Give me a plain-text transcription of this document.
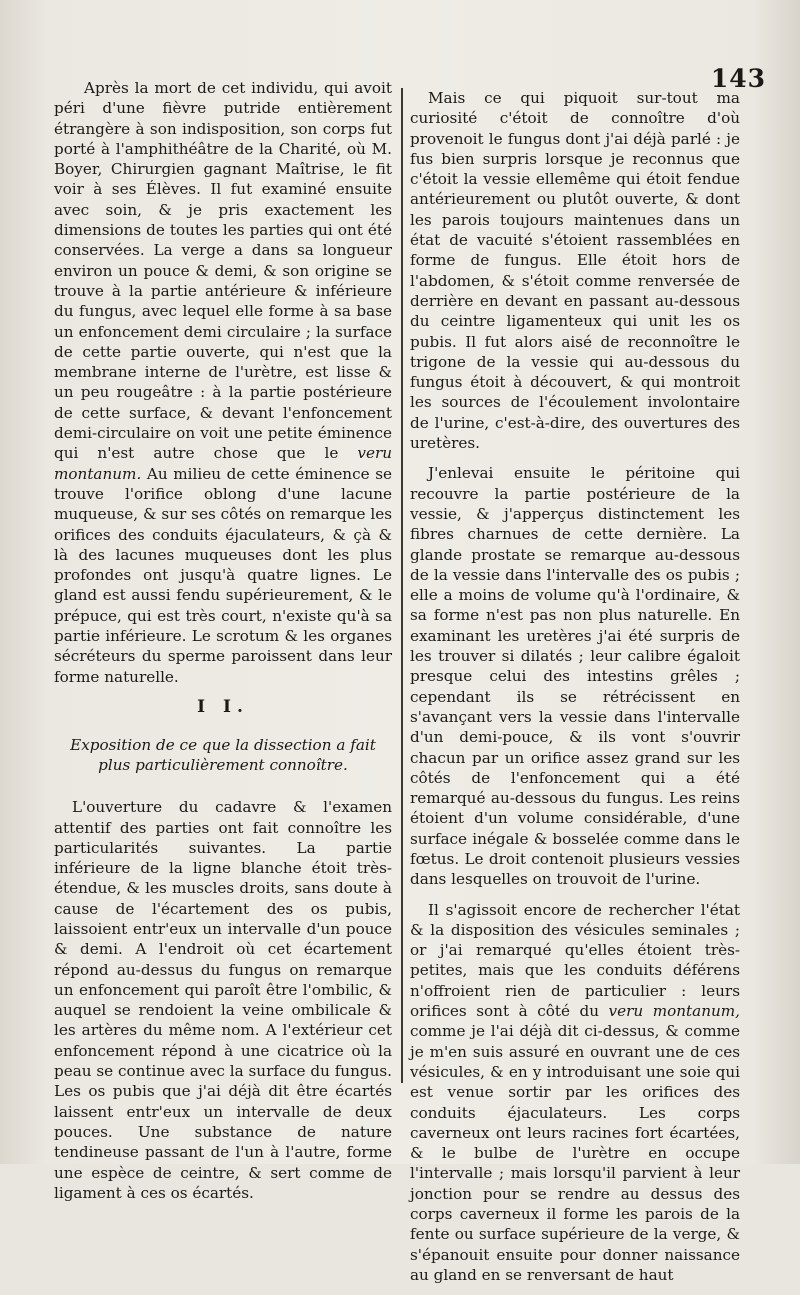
143

Après la mort de cet individu, qui avoit péri d'une fièvre putride entièrement étrangère à son indisposition, son corps fut porté à l'amphithéâtre de la Charité, où M. Boyer, Chirurgien gagnant Maîtrise, le fit voir à ses Élèves. Il fut examiné ensuite avec soin, & je pris exactement les dimensions de toutes les parties qui ont été conservées. La verge a dans sa longueur environ un pouce & demi, & son origine se trouve à la partie antérieure & inférieure du fungus, avec lequel elle forme à sa base un enfoncement demi circulaire ; la surface de cette partie ouverte, qui n'est que la membrane interne de l'urètre, est lisse & un peu rougeâtre : à la partie postérieure de cette surface, & devant l'enfoncement demi-circulaire on voit une petite éminence qui n'est autre chose que le veru montanum. Au milieu de cette éminence se trouve l'orifice oblong d'une lacune muqueuse, & sur ses côtés on remarque les orifices des conduits éjaculateurs, & çà & là des lacunes muqueuses dont les plus profondes ont jusqu'à quatre lignes. Le gland est aussi fendu supérieurement, & le prépuce, qui est très court, n'existe qu'à sa partie inférieure. Le scrotum & les organes sécréteurs du sperme paroissent dans leur forme naturelle.

I I.
Exposition de ce que la dissection a fait plus particulièrement connoître.

L'ouverture du cadavre & l'examen attentif des parties ont fait connoître les particularités suivantes. La partie inférieure de la ligne blanche étoit très-étendue, & les muscles droits, sans doute à cause de l'écartement des os pubis, laissoient entr'eux un intervalle d'un pouce & demi. A l'endroit où cet écartement répond au-dessus du fungus on remarque un enfoncement qui paroît être l'ombilic, & auquel se rendoient la veine ombilicale & les artères du même nom. A l'extérieur cet enfoncement répond à une cicatrice où la peau se continue avec la surface du fungus. Les os pubis que j'ai déjà dit être écartés laissent entr'eux un intervalle de deux pouces. Une substance de nature tendineuse passant de l'un à l'autre, forme une espèce de ceintre, & sert comme de ligament à ces os écartés.

Mais ce qui piquoit sur-tout ma curiosité c'étoit de connoître d'où provenoit le fungus dont j'ai déjà parlé : je fus bien surpris lorsque je reconnus que c'étoit la vessie ellemême qui étoit fendue antérieurement ou plutôt ouverte, & dont les parois toujours maintenues dans un état de vacuité s'étoient rassemblées en forme de fungus. Elle étoit hors de l'abdomen, & s'étoit comme renversée de derrière en devant en passant au-dessous du ceintre ligamenteux qui unit les os pubis. Il fut alors aisé de reconnoître le trigone de la vessie qui au-dessous du fungus étoit à découvert, & qui montroit les sources de l'écoulement involontaire de l'urine, c'est-à-dire, des ouvertures des uretères.

J'enlevai ensuite le péritoine qui recouvre la partie postérieure de la vessie, & j'apperçus distinctement les fibres charnues de cette dernière. La glande prostate se remarque au-dessous de la vessie dans l'intervalle des os pubis ; elle a moins de volume qu'à l'ordinaire, & sa forme n'est pas non plus naturelle. En examinant les uretères j'ai été surpris de les trouver si dilatés ; leur calibre égaloit presque celui des intestins grêles ; cependant ils se rétrécissent en s'avançant vers la vessie dans l'intervalle d'un demi-pouce, & ils vont s'ouvrir chacun par un orifice assez grand sur les côtés de l'enfoncement qui a été remarqué au-dessous du fungus. Les reins étoient d'un volume considérable, d'une surface inégale & bosselée comme dans le fœtus. Le droit contenoit plusieurs vessies dans lesquelles on trouvoit de l'urine.

Il s'agissoit encore de rechercher l'état & la disposition des vésicules seminales ; or j'ai remarqué qu'elles étoient très-petites, mais que les conduits déférens n'offroient rien de particulier : leurs orifices sont à côté du veru montanum, comme je l'ai déjà dit ci-dessus, & comme je m'en suis assuré en ouvrant une de ces vésicules, & en y introduisant une soie qui est venue sortir par les orifices des conduits éjaculateurs. Les corps caverneux ont leurs racines fort écartées, & le bulbe de l'urètre en occupe l'intervalle ; mais lorsqu'il parvient à leur jonction pour se rendre au dessus des corps caverneux il forme les parois de la fente ou surface supérieure de la verge, & s'épanouit ensuite pour donner naissance au gland en se renversant de haut
